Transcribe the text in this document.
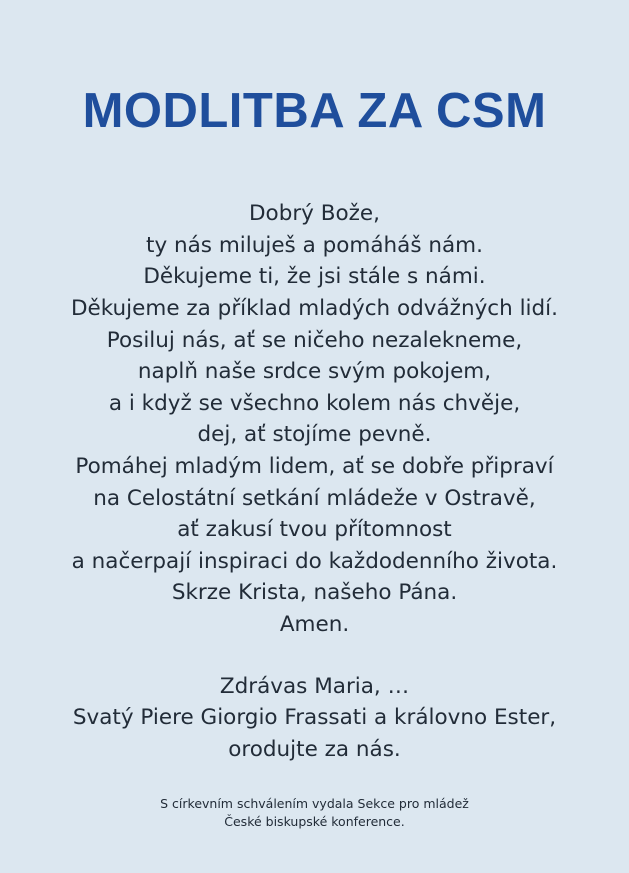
MODLITBA ZA CSM
Dobrý Bože,
ty nás miluješ a pomáháš nám.
Děkujeme ti, že jsi stále s námi.
Děkujeme za příklad mladých odvážných lidí.
Posiluj nás, ať se ničeho nezalekneme,
naplň naše srdce svým pokojem,
a i když se všechno kolem nás chvěje,
dej, ať stojíme pevně.
Pomáhej mladým lidem, ať se dobře připraví
na Celostátní setkání mládeže v Ostravě,
ať zakusí tvou přítomnost
a načerpají inspiraci do každodenního života.
Skrze Krista, našeho Pána.
Amen.
Zdrávas Maria, …
Svatý Piere Giorgio Frassati a královno Ester,
orodujte za nás.
S církevním schválením vydala Sekce pro mládež
České biskupské konference.
